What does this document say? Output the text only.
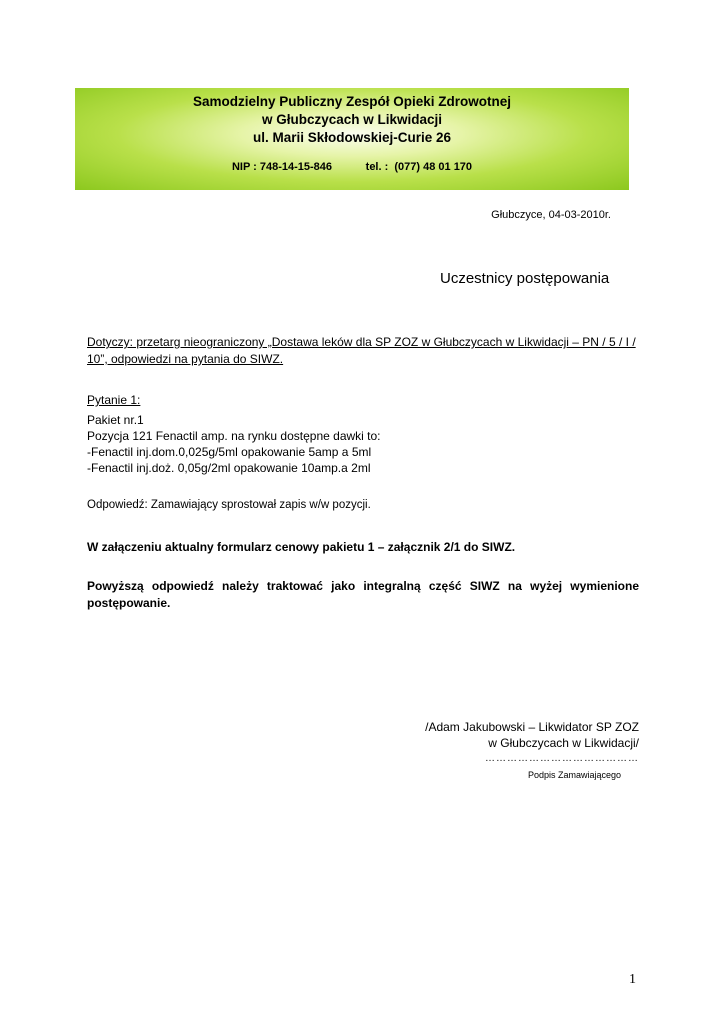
Samodzielny Publiczny Zespół Opieki Zdrowotnej
w Głubczycach w Likwidacji
ul. Marii Skłodowskiej-Curie 26
NIP : 748-14-15-846           tel. :  (077) 48 01 170
Głubczyce, 04-03-2010r.
Uczestnicy postępowania
Dotyczy: przetarg nieograniczony „Dostawa leków dla SP ZOZ w Głubczycach w Likwidacji – PN / 5 / I / 10”, odpowiedzi na pytania do SIWZ.
Pytanie 1:
Pakiet nr.1
Pozycja 121 Fenactil amp. na rynku dostępne dawki to:
-Fenactil inj.dom.0,025g/5ml opakowanie 5amp a 5ml
-Fenactil inj.doż. 0,05g/2ml opakowanie 10amp.a 2ml
Odpowiedź: Zamawiający sprostował zapis w/w pozycji.
W załączeniu aktualny formularz cenowy pakietu 1 – załącznik 2/1 do SIWZ.
Powyższą odpowiedź należy traktować jako integralną część SIWZ na wyżej wymienione postępowanie.
/Adam Jakubowski – Likwidator SP ZOZ
w Głubczycach w Likwidacji/
……………………………………
Podpis Zamawiającego
1
